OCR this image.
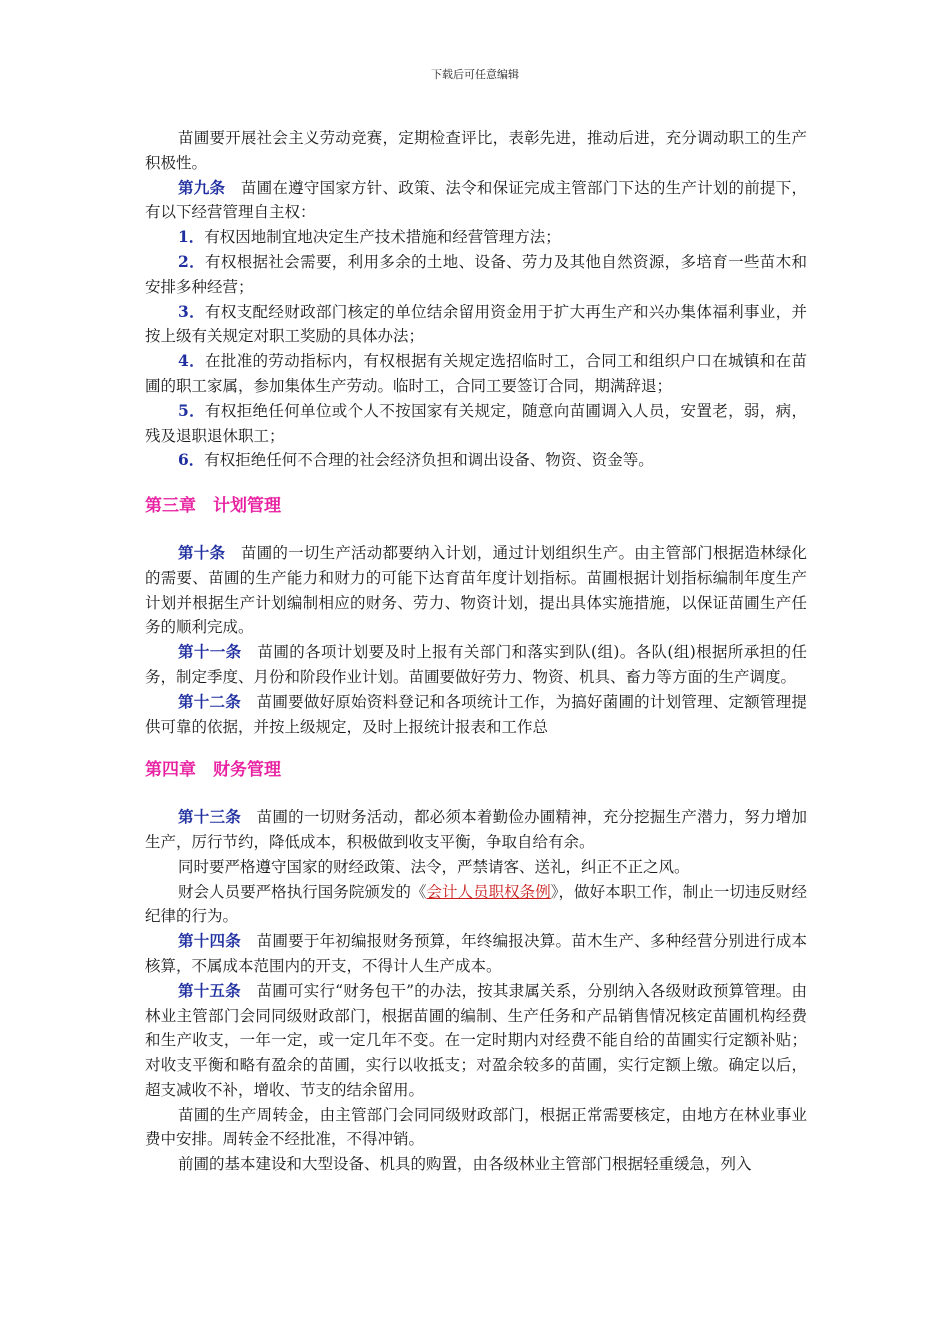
下载后可任意编辑

苗圃要开展社会主义劳动竞赛，定期检查评比，表彰先进，推动后进，充分调动职工的生产积极性。

第九条　 苗圃在遵守国家方针、政策、法令和保证完成主管部门下达的生产计划的前提下，有以下经营管理自主权：

1．有权因地制宜地决定生产技术措施和经营管理方法；

2．有权根据社会需要，利用多余的土地、设备、劳力及其他自然资源，多培育一些苗木和安排多种经营；

3．有权支配经财政部门核定的单位结余留用资金用于扩大再生产和兴办集体福利事业，并按上级有关规定对职工奖励的具体办法；

4．在批准的劳动指标内，有权根据有关规定选招临时工，合同工和组织户口在城镇和在苗圃的职工家属，参加集体生产劳动。临时工，合同工要签订合同，期满辞退；

5．有权拒绝任何单位或个人不按国家有关规定，随意向苗圃调入人员，安置老，弱，病，残及退职退休职工；

6．有权拒绝任何不合理的社会经济负担和调出设备、物资、资金等。

第三章　计划管理

第十条　 苗圃的一切生产活动都要纳入计划，通过计划组织生产。由主管部门根据造林绿化的需要、苗圃的生产能力和财力的可能下达育苗年度计划指标。苗圃根据计划指标编制年度生产计划并根据生产计划编制相应的财务、劳力、物资计划，提出具体实施措施，以保证苗圃生产任务的顺利完成。

第十一条　 苗圃的各项计划要及时上报有关部门和落实到队(组)。各队(组)根据所承担的任务，制定季度、月份和阶段作业计划。苗圃要做好劳力、物资、机具、畜力等方面的生产调度。

第十二条　 苗圃要做好原始资料登记和各项统计工作，为搞好菌圃的计划管理、定额管理提供可靠的依据，并按上级规定，及时上报统计报表和工作总

第四章　财务管理

第十三条　 苗圃的一切财务活动，都必须本着勤俭办圃精神，充分挖掘生产潜力，努力增加生产，厉行节约，降低成本，积极做到收支平衡，争取自给有余。

同时要严格遵守国家的财经政策、法令，严禁请客、送礼，纠正不正之风。

财会人员要严格执行国务院颁发的《会计人员职权条例》，做好本职工作，制止一切违反财经纪律的行为。

第十四条　 苗圃要于年初编报财务预算，年终编报决算。苗木生产、多种经营分别进行成本核算，不属成本范围内的开支，不得计人生产成本。

第十五条　 苗圃可实行“财务包干”的办法，按其隶属关系，分别纳入各级财政预算管理。由林业主管部门会同同级财政部门，根据苗圃的编制、生产任务和产品销售情况核定苗圃机构经费和生产收支，一年一定，或一定几年不变。在一定时期内对经费不能自给的苗圃实行定额补贴；对收支平衡和略有盈余的苗圃，实行以收抵支；对盈余较多的苗圃，实行定额上缴。确定以后，超支减收不补，增收、节支的结余留用。

苗圃的生产周转金，由主管部门会同同级财政部门，根据正常需要核定，由地方在林业事业费中安排。周转金不经批准，不得冲销。

前圃的基本建设和大型设备、机具的购置，由各级林业主管部门根据轻重缓急，列入
